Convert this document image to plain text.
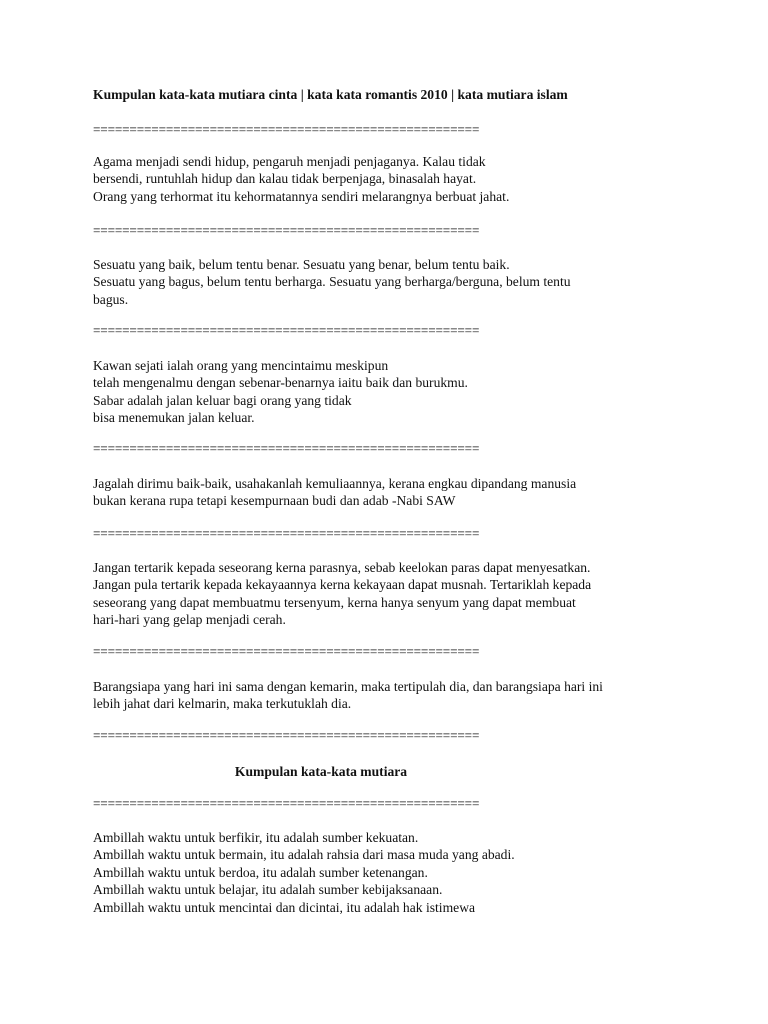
Kumpulan kata-kata mutiara cinta | kata kata romantis 2010 | kata mutiara islam
=====================================================
Agama menjadi sendi hidup, pengaruh menjadi penjaganya. Kalau tidak
bersendi, runtuhlah hidup dan kalau tidak berpenjaga, binasalah hayat.
Orang yang terhormat itu kehormatannya sendiri melarangnya berbuat jahat.
=====================================================
Sesuatu yang baik, belum tentu benar. Sesuatu yang benar, belum tentu baik.
Sesuatu yang bagus, belum tentu berharga. Sesuatu yang berharga/berguna, belum tentu
bagus.
=====================================================
Kawan sejati ialah orang yang mencintaimu meskipun
telah mengenalmu dengan sebenar-benarnya iaitu baik dan burukmu.
Sabar adalah jalan keluar bagi orang yang tidak
bisa menemukan jalan keluar.
=====================================================
Jagalah dirimu baik-baik, usahakanlah kemuliaannya, kerana engkau dipandang manusia
bukan kerana rupa tetapi kesempurnaan budi dan adab -Nabi SAW
=====================================================
Jangan tertarik kepada seseorang kerna parasnya, sebab keelokan paras dapat menyesatkan.
Jangan pula tertarik kepada kekayaannya kerna kekayaan dapat musnah. Tertariklah kepada
seseorang yang dapat membuatmu tersenyum, kerna hanya senyum yang dapat membuat
hari-hari yang gelap menjadi cerah.
=====================================================
Barangsiapa yang hari ini sama dengan kemarin, maka tertipulah dia, dan barangsiapa hari ini
lebih jahat dari kelmarin, maka terkutuklah dia.
=====================================================
Kumpulan kata-kata mutiara
=====================================================
Ambillah waktu untuk berfikir, itu adalah sumber kekuatan.
Ambillah waktu untuk bermain, itu adalah rahsia dari masa muda yang abadi.
Ambillah waktu untuk berdoa, itu adalah sumber ketenangan.
Ambillah waktu untuk belajar, itu adalah sumber kebijaksanaan.
Ambillah waktu untuk mencintai dan dicintai, itu adalah hak istimewa
